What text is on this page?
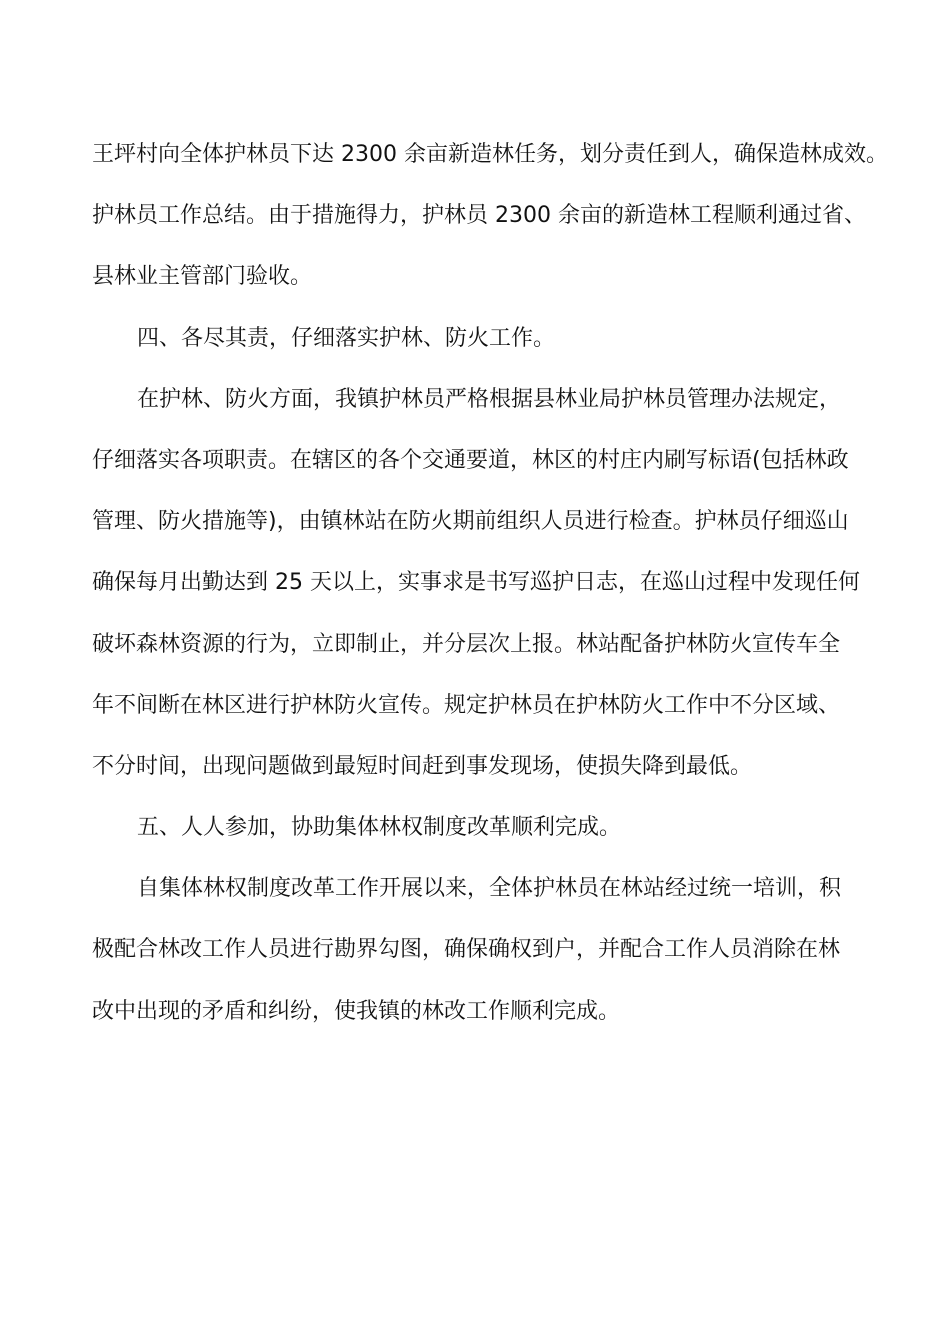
王坪村向全体护林员下达 2300 余亩新造林任务，划分责任到人，确保造林成效。
护林员工作总结。由于措施得力，护林员 2300 余亩的新造林工程顺利通过省、
县林业主管部门验收。
四、各尽其责，仔细落实护林、防火工作。
在护林、防火方面，我镇护林员严格根据县林业局护林员管理办法规定，
仔细落实各项职责。在辖区的各个交通要道，林区的村庄内刷写标语(包括林政
管理、防火措施等)，由镇林站在防火期前组织人员进行检查。护林员仔细巡山
确保每月出勤达到 25 天以上，实事求是书写巡护日志，在巡山过程中发现任何
破坏森林资源的行为，立即制止，并分层次上报。林站配备护林防火宣传车全
年不间断在林区进行护林防火宣传。规定护林员在护林防火工作中不分区域、
不分时间，出现问题做到最短时间赶到事发现场，使损失降到最低。
五、人人参加，协助集体林权制度改革顺利完成。
自集体林权制度改革工作开展以来，全体护林员在林站经过统一培训，积
极配合林改工作人员进行勘界勾图，确保确权到户，并配合工作人员消除在林
改中出现的矛盾和纠纷，使我镇的林改工作顺利完成。
